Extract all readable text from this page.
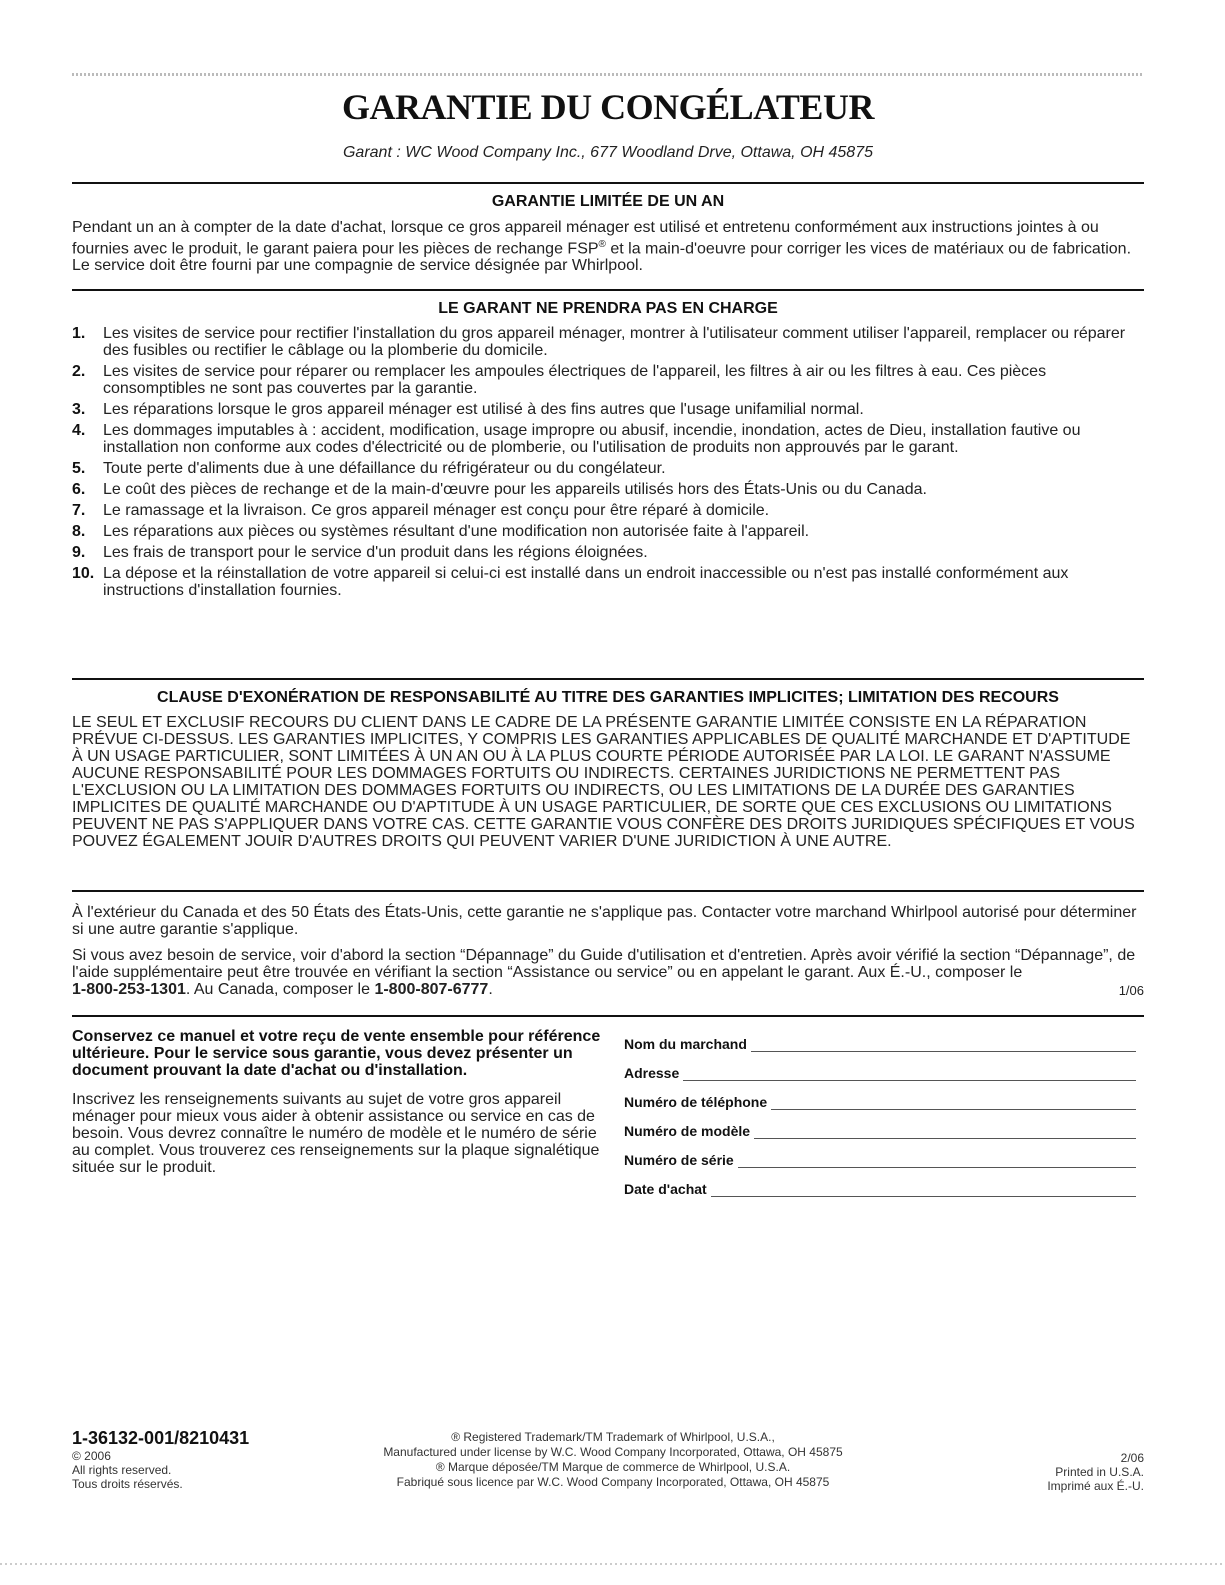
GARANTIE DU CONGÉLATEUR
Garant : WC Wood Company Inc., 677 Woodland Drve, Ottawa, OH 45875
GARANTIE LIMITÉE DE UN AN
Pendant un an à compter de la date d'achat, lorsque ce gros appareil ménager est utilisé et entretenu conformément aux instructions jointes à ou fournies avec le produit, le garant paiera pour les pièces de rechange FSP® et la main-d'oeuvre pour corriger les vices de matériaux ou de fabrication. Le service doit être fourni par une compagnie de service désignée par Whirlpool.
LE GARANT NE PRENDRA PAS EN CHARGE
1. Les visites de service pour rectifier l'installation du gros appareil ménager, montrer à l'utilisateur comment utiliser l'appareil, remplacer ou réparer des fusibles ou rectifier le câblage ou la plomberie du domicile.
2. Les visites de service pour réparer ou remplacer les ampoules électriques de l'appareil, les filtres à air ou les filtres à eau. Ces pièces consomptibles ne sont pas couvertes par la garantie.
3. Les réparations lorsque le gros appareil ménager est utilisé à des fins autres que l'usage unifamilial normal.
4. Les dommages imputables à : accident, modification, usage impropre ou abusif, incendie, inondation, actes de Dieu, installation fautive ou installation non conforme aux codes d'électricité ou de plomberie, ou l'utilisation de produits non approuvés par le garant.
5. Toute perte d'aliments due à une défaillance du réfrigérateur ou du congélateur.
6. Le coût des pièces de rechange et de la main-d'œuvre pour les appareils utilisés hors des États-Unis ou du Canada.
7. Le ramassage et la livraison. Ce gros appareil ménager est conçu pour être réparé à domicile.
8. Les réparations aux pièces ou systèmes résultant d'une modification non autorisée faite à l'appareil.
9. Les frais de transport pour le service d'un produit dans les régions éloignées.
10. La dépose et la réinstallation de votre appareil si celui-ci est installé dans un endroit inaccessible ou n'est pas installé conformément aux instructions d'installation fournies.
CLAUSE D'EXONÉRATION DE RESPONSABILITÉ AU TITRE DES GARANTIES IMPLICITES; LIMITATION DES RECOURS
LE SEUL ET EXCLUSIF RECOURS DU CLIENT DANS LE CADRE DE LA PRÉSENTE GARANTIE LIMITÉE CONSISTE EN LA RÉPARATION PRÉVUE CI-DESSUS. LES GARANTIES IMPLICITES, Y COMPRIS LES GARANTIES APPLICABLES DE QUALITÉ MARCHANDE ET D'APTITUDE À UN USAGE PARTICULIER, SONT LIMITÉES À UN AN OU À LA PLUS COURTE PÉRIODE AUTORISÉE PAR LA LOI. LE GARANT N'ASSUME AUCUNE RESPONSABILITÉ POUR LES DOMMAGES FORTUITS OU INDIRECTS. CERTAINES JURIDICTIONS NE PERMETTENT PAS L'EXCLUSION OU LA LIMITATION DES DOMMAGES FORTUITS OU INDIRECTS, OU LES LIMITATIONS DE LA DURÉE DES GARANTIES IMPLICITES DE QUALITÉ MARCHANDE OU D'APTITUDE À UN USAGE PARTICULIER, DE SORTE QUE CES EXCLUSIONS OU LIMITATIONS PEUVENT NE PAS S'APPLIQUER DANS VOTRE CAS. CETTE GARANTIE VOUS CONFÈRE DES DROITS JURIDIQUES SPÉCIFIQUES ET VOUS POUVEZ ÉGALEMENT JOUIR D'AUTRES DROITS QUI PEUVENT VARIER D'UNE JURIDICTION À UNE AUTRE.
À l'extérieur du Canada et des 50 États des États-Unis, cette garantie ne s'applique pas. Contacter votre marchand Whirlpool autorisé pour déterminer si une autre garantie s'applique.
Si vous avez besoin de service, voir d'abord la section “Dépannage” du Guide d'utilisation et d'entretien. Après avoir vérifié la section “Dépannage”, de l'aide supplémentaire peut être trouvée en vérifiant la section “Assistance ou service” ou en appelant le garant. Aux É.-U., composer le 1-800-253-1301. Au Canada, composer le 1-800-807-6777.	1/06
Conservez ce manuel et votre reçu de vente ensemble pour référence ultérieure. Pour le service sous garantie, vous devez présenter un document prouvant la date d'achat ou d'installation.
Inscrivez les renseignements suivants au sujet de votre gros appareil ménager pour mieux vous aider à obtenir assistance ou service en cas de besoin. Vous devrez connaître le numéro de modèle et le numéro de série au complet. Vous trouverez ces renseignements sur la plaque signalétique située sur le produit.
Nom du marchand
Adresse
Numéro de téléphone
Numéro de modèle
Numéro de série
Date d'achat
1-36132-001/8210431
© 2006
All rights reserved.
Tous droits réservés.
® Registered Trademark/TM Trademark of Whirlpool, U.S.A.,
Manufactured under license by W.C. Wood Company Incorporated, Ottawa, OH 45875
® Marque déposée/TM Marque de commerce de Whirlpool, U.S.A.
Fabriqué sous licence par W.C. Wood Company Incorporated, Ottawa, OH 45875
2/06
Printed in U.S.A.
Imprimé aux É.-U.
